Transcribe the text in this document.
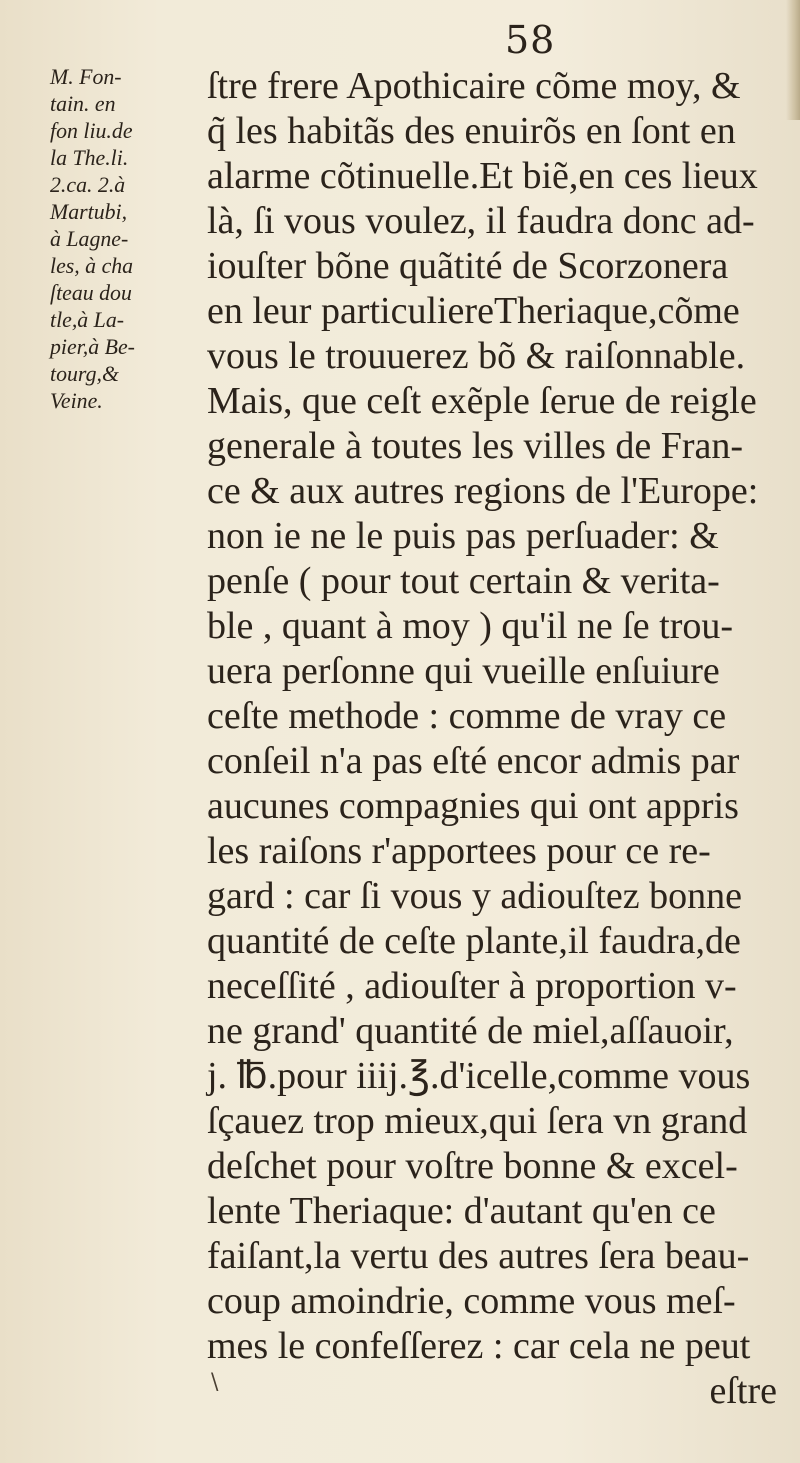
58
M. Fon-
tain. en
fon liu.de
la The.li.
2.ca. 2.à
Martubi,
à Lagne-
les, à cha
ſteau dou
tle,à La-
pier,à Be-
tourg,&
Veine.
ſtre frere Apothicaire cõme moy, &
q̃ les habitãs des enuirõs en ſont en
alarme cõtinuelle.Et biẽ,en ces lieux
là, ſi vous voulez, il faudra donc ad-
iouſter bõne quãtité de Scorzonera
en leur particuliereTheriaque,cõme
vous le trouuerez bõ & raiſonnable.
Mais, que ceſt exẽple ſerue de reigle
generale à toutes les villes de Fran-
ce & aux autres regions de l'Europe:
non ie ne le puis pas perſuader: &
penſe ( pour tout certain & verita-
ble , quant à moy ) qu'il ne ſe trou-
uera perſonne qui vueille enſuiure
ceſte methode : comme de vray ce
conſeil n'a pas eſté encor admis par
aucunes compagnies qui ont appris
les raiſons r'apportees pour ce re-
gard : car ſi vous y adiouſtez bonne
quantité de ceſte plante,il faudra,de
neceſſité , adiouſter à proportion v-
ne grand' quantité de miel,aſſauoir,
j. ℔.pour iiij.℥.d'icelle,comme vous
ſçauez trop mieux,qui ſera vn grand
deſchet pour voſtre bonne & excel-
lente Theriaque: d'autant qu'en ce
faiſant,la vertu des autres ſera beau-
coup amoindrie, comme vous meſ-
mes le confeſſerez : car cela ne peut
eſtre
\
